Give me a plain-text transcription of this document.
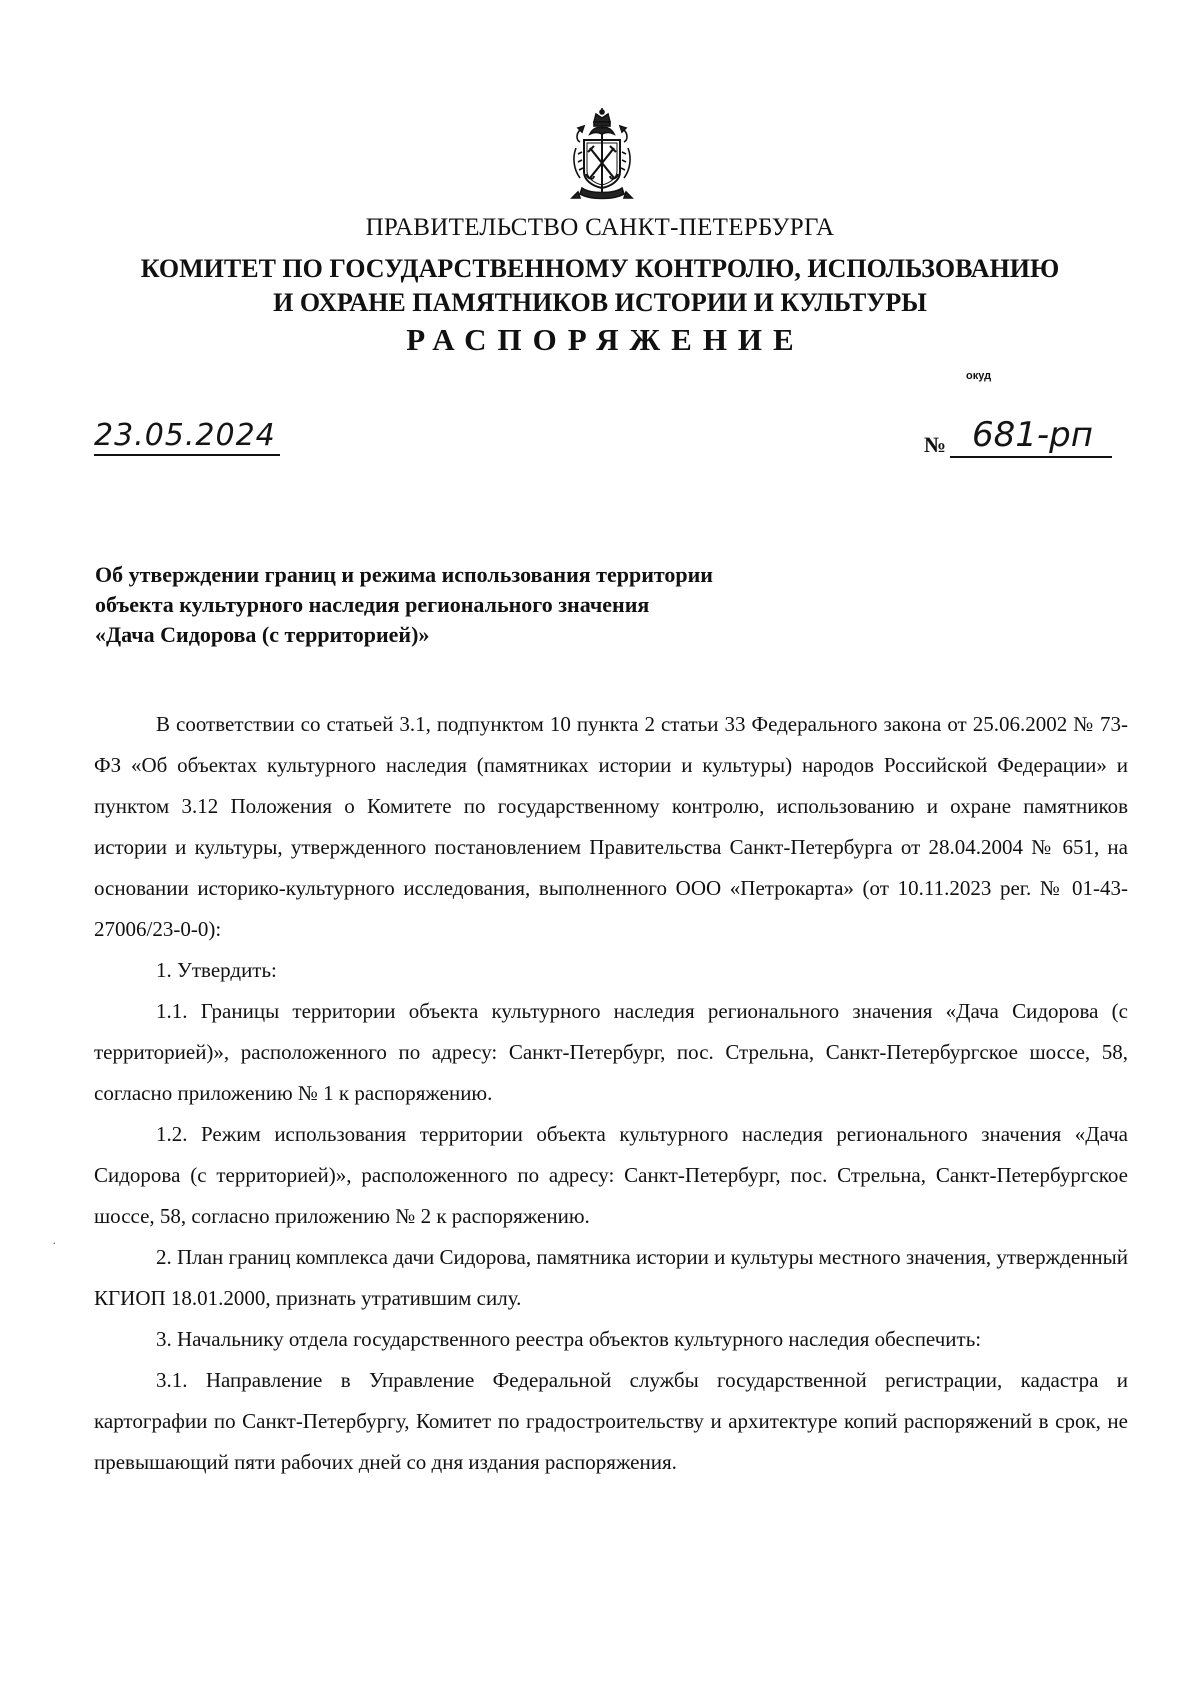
ПРАВИТЕЛЬСТВО САНКТ-ПЕТЕРБУРГА
КОМИТЕТ ПО ГОСУДАРСТВЕННОМУ КОНТРОЛЮ, ИСПОЛЬЗОВАНИЮ
И ОХРАНЕ ПАМЯТНИКОВ ИСТОРИИ И КУЛЬТУРЫ
РАСПОРЯЖЕНИЕ
окуд
23.05.2024	№ 681-рп
Об утверждении границ и режима использования территории
объекта культурного наследия регионального значения
«Дача Сидорова (с территорией)»

В соответствии со статьей 3.1, подпунктом 10 пункта 2 статьи 33 Федерального закона от 25.06.2002 № 73-ФЗ «Об объектах культурного наследия (памятниках истории и культуры) народов Российской Федерации» и пунктом 3.12 Положения о Комитете по государственному контролю, использованию и охране памятников истории и культуры, утвержденного постановлением Правительства Санкт-Петербурга от 28.04.2004 № 651, на основании историко-культурного исследования, выполненного ООО «Петрокарта» (от 10.11.2023 рег. № 01-43-27006/23-0-0):

1. Утвердить:

1.1. Границы территории объекта культурного наследия регионального значения «Дача Сидорова (с территорией)», расположенного по адресу: Санкт-Петербург, пос. Стрельна, Санкт-Петербургское шоссе, 58, согласно приложению № 1 к распоряжению.

1.2. Режим использования территории объекта культурного наследия регионального значения «Дача Сидорова (с территорией)», расположенного по адресу: Санкт-Петербург, пос. Стрельна, Санкт-Петербургское шоссе, 58, согласно приложению № 2 к распоряжению.

2. План границ комплекса дачи Сидорова, памятника истории и культуры местного значения, утвержденный КГИОП 18.01.2000, признать утратившим силу.

3. Начальнику отдела государственного реестра объектов культурного наследия обеспечить:

3.1. Направление в Управление Федеральной службы государственной регистрации, кадастра и картографии по Санкт-Петербургу, Комитет по градостроительству и архитектуре копий распоряжений в срок, не превышающий пяти рабочих дней со дня издания распоряжения.

·
